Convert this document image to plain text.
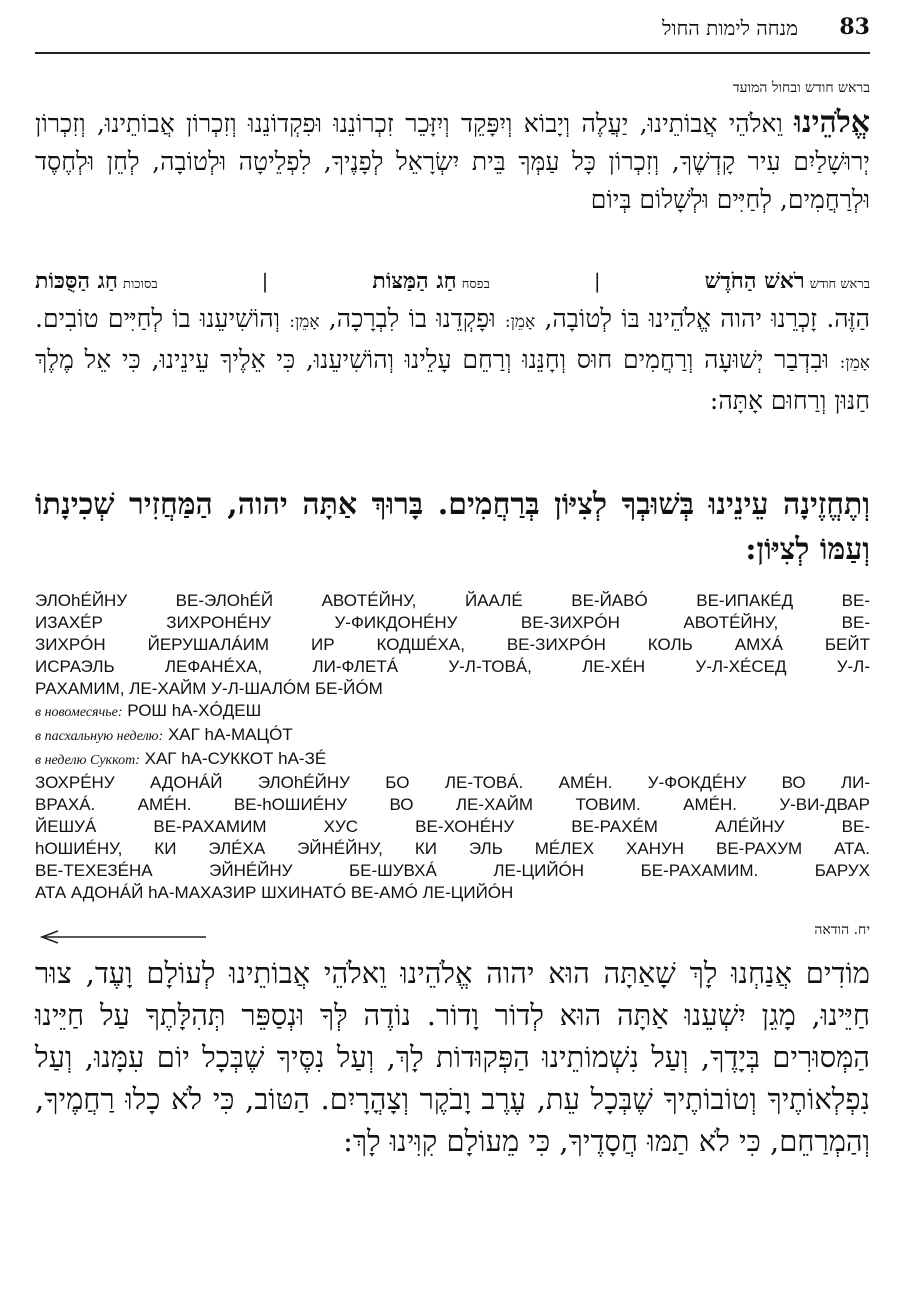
83
מנחה לימות החול
בראש חודש ובחול המועד
אֱלֹהֵינוּ וֵאלֹהֵי אֲבוֹתֵינוּ, יַעֲלֶה וְיָבוֹא וְיִפָּקֵד וְיִזָּכֵר זִכְרוֹנֵנוּ וּפִקְדוֹנֵנוּ וְזִכְרוֹן אֲבוֹתֵינוּ, וְזִכְרוֹן יְרוּשָׁלַיִם עִיר קָדְשֶׁךָ, וְזִכְרוֹן כָּל עַמְּךָ בֵּית יִשְׂרָאֵל לְפָנֶיךָ, לִפְלֵיטָה וּלְטוֹבָה, לְחֵן וּלְחֶסֶד וּלְרַחֲמִים, לְחַיִּים וּלְשָׁלוֹם בְּיוֹם
בראש חודש רֹאשׁ הַחֹדֶשׁ
|
בפסח חַג הַמַּצּוֹת
|
בסוכות חַג הַסֻּכּוֹת
הַזֶּה. זָכְרֵנוּ יהוה אֱלֹהֵינוּ בּוֹ לְטוֹבָה, אָמֵן: וּפָקְדֵנוּ בוֹ לִבְרָכָה, אָמֵן: וְהוֹשִׁיעֵנוּ בוֹ לְחַיִּים טוֹבִים. אָמֵן: וּבִדְבַר יְשׁוּעָה וְרַחֲמִים חוּס וְחָנֵּנוּ וְרַחֵם עָלֵינוּ וְהוֹשִׁיעֵנוּ, כִּי אֵלֶיךָ עֵינֵינוּ, כִּי אֵל מֶלֶךְ חַנּוּן וְרַחוּם אָתָּה:
וְתֶחֱזֶינָה עֵינֵינוּ בְּשׁוּבְךָ לְצִיּוֹן בְּרַחֲמִים. בָּרוּךְ אַתָּה יהוה, הַמַּחֲזִיר שְׁכִינָתוֹ וְעַמּוֹ לְצִיּוֹן:
ЭЛОhÉЙНУ ВЕ-ЭЛОhÉЙ АВОТÉЙНУ, ЙААЛÉ ВЕ-ЙАВÓ ВЕ-ИПАКÉД ВЕ-
ИЗАХÉР ЗИХРОНÉНУ У-ФИКДОНÉНУ ВЕ-ЗИХРÓН АВОТÉЙНУ, ВЕ-
ЗИХРÓН ЙЕРУШАЛÁИМ ИР КОДШÉХА, ВЕ-ЗИХРÓН КОЛЬ АМХÁ БЕЙТ
ИСРАЭЛЬ ЛЕФАНÉХА, ЛИ-ФЛЕТÁ У-Л-ТОВÁ, ЛЕ-ХÉН У-Л-ХÉСЕД У-Л-
РАХАМИМ, ЛЕ-ХАЙМ У-Л-ШАЛÓМ БЕ-ЙÓМ
в новомесячье: РОШ hА-ХÓДЕШ
в пасхальную неделю: ХАГ hА-МАЦÓТ
в неделю Суккот: ХАГ hА-СУККОТ hА-ЗÉ
ЗОХРÉНУ АДОНÁЙ ЭЛОhÉЙНУ БО ЛЕ-ТОВÁ. АМÉН. У-ФОКДÉНУ ВО ЛИ-
ВРАХÁ. АМÉН. ВЕ-hОШИÉНУ ВО ЛЕ-ХАЙМ ТОВИМ. АМÉН. У-ВИ-ДВАР
ЙЕШУÁ ВЕ-РАХАМИМ ХУС ВЕ-ХОНÉНУ ВЕ-РАХÉМ АЛÉЙНУ ВЕ-
hОШИÉНУ, КИ ЭЛÉХА ЭЙНÉЙНУ, КИ ЭЛЬ МÉЛЕХ ХАНУН ВЕ-РАХУМ АТА.
ВЕ-ТЕХЕЗÉНА ЭЙНÉЙНУ БЕ-ШУВХÁ ЛЕ-ЦИЙÓН БЕ-РАХАМИМ. БАРУХ
АТА АДОНÁЙ hА-МАХАЗИР ШХИНАТÓ ВЕ-АМÓ ЛЕ-ЦИЙÓН
יח. הודאה
מוֹדִים אֲנַחְנוּ לָךְ שָׁאַתָּה הוּא יהוה אֱלֹהֵינוּ וֵאלֹהֵי אֲבוֹתֵינוּ לְעוֹלָם וָעֶד, צוּר חַיֵּינוּ, מָגֵן יִשְׁעֵנוּ אַתָּה הוּא לְדוֹר וָדוֹר. נוֹדֶה לְּךָ וּנְסַפֵּר תְּהִלָּתֶךָ עַל חַיֵּינוּ הַמְּסוּרִים בְּיָדֶךָ, וְעַל נִשְׁמוֹתֵינוּ הַפְּקוּדוֹת לָךְ, וְעַל נִסֶּיךָ שֶׁבְּכָל יוֹם עִמָּנוּ, וְעַל נִפְלְאוֹתֶיךָ וְטוֹבוֹתֶיךָ שֶׁבְּכָל עֵת, עֶרֶב וָבֹקֶר וְצָהֳרָיִם. הַטּוֹב, כִּי לֹא כָלוּ רַחֲמֶיךָ, וְהַמְרַחֵם, כִּי לֹא תַמּוּ חֲסָדֶיךָ, כִּי מֵעוֹלָם קִוִּינוּ לָךְ:
